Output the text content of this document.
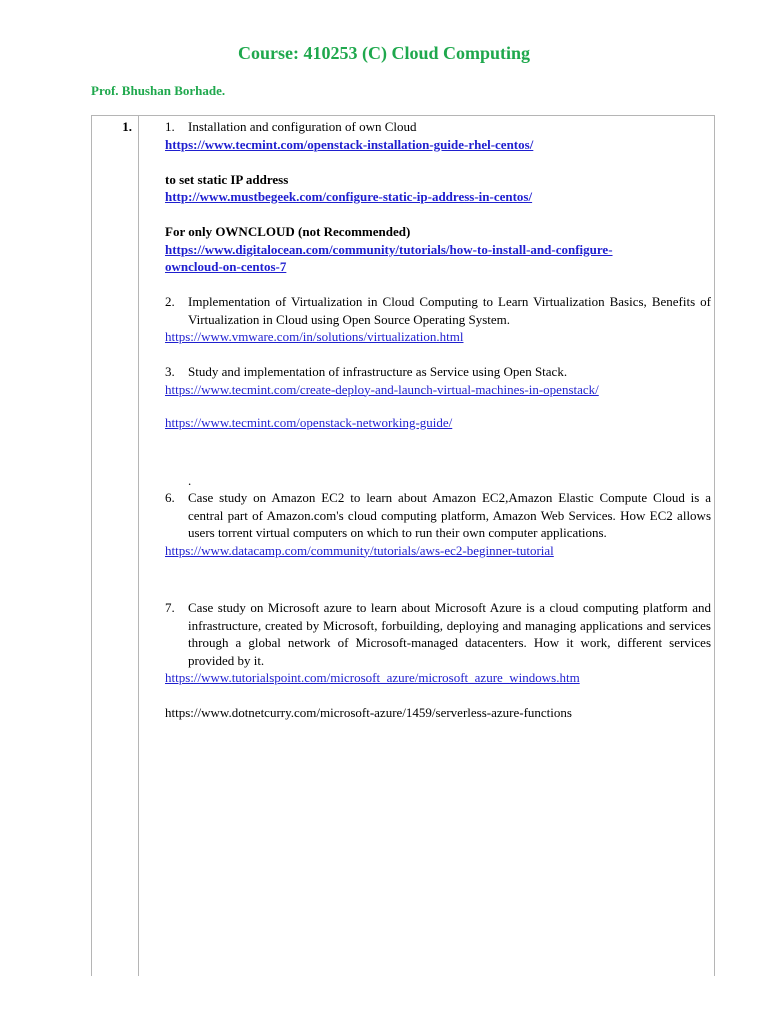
Course: 410253 (C) Cloud Computing
Prof. Bhushan Borhade.
1.	1.	Installation and configuration of own Cloud
https://www.tecmint.com/openstack-installation-guide-rhel-centos/
to set static IP address
http://www.mustbegeek.com/configure-static-ip-address-in-centos/
For only OWNCLOUD (not Recommended)
https://www.digitalocean.com/community/tutorials/how-to-install-and-configure-
owncloud-on-centos-7
2.	Implementation of Virtualization in Cloud Computing to Learn Virtualization Basics, Benefits of Virtualization in Cloud using Open Source Operating System.
https://www.vmware.com/in/solutions/virtualization.html
3.	Study and implementation of infrastructure as Service using Open Stack.
https://www.tecmint.com/create-deploy-and-launch-virtual-machines-in-openstack/
https://www.tecmint.com/openstack-networking-guide/
.
6.	Case study on Amazon EC2 to learn about Amazon EC2,Amazon Elastic Compute Cloud is a central part of Amazon.com's cloud computing platform, Amazon Web Services. How EC2 allows users torrent virtual computers on which to run their own computer applications.
https://www.datacamp.com/community/tutorials/aws-ec2-beginner-tutorial
7.	Case study on Microsoft azure to learn about Microsoft Azure is a cloud computing platform and infrastructure, created by Microsoft, forbuilding, deploying and managing applications and services through a global network of Microsoft-managed datacenters. How it work, different services provided by it.
https://www.tutorialspoint.com/microsoft_azure/microsoft_azure_windows.htm
https://www.dotnetcurry.com/microsoft-azure/1459/serverless-azure-functions
